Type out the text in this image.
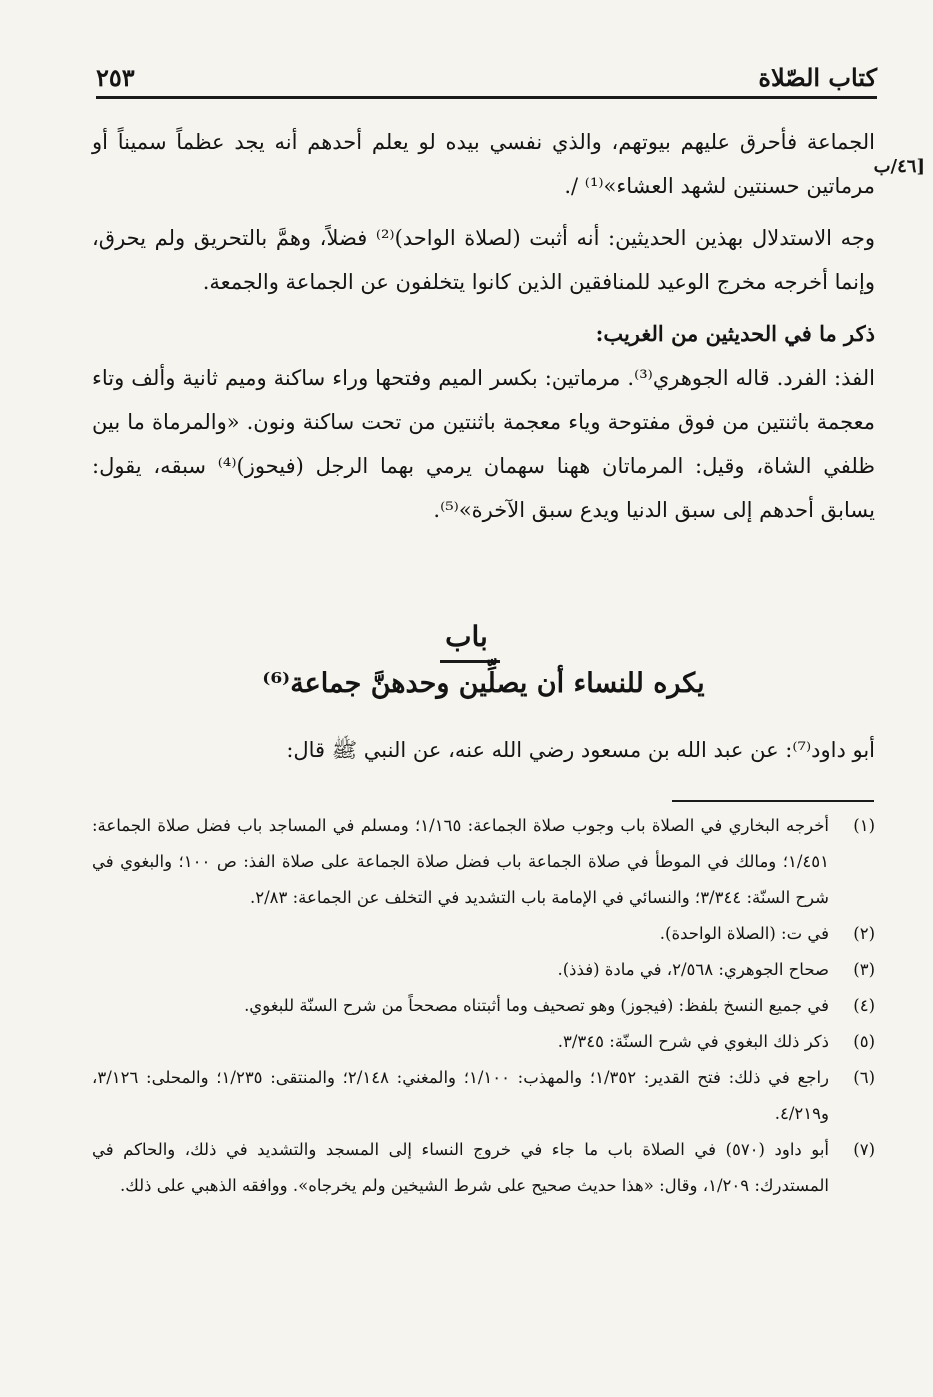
كتاب الصّلاة
٢٥٣
[٤٦/ب

الجماعة فأحرق عليهم بيوتهم، والذي نفسي بيده لو يعلم أحدهم أنه يجد عظماً سميناً أو مرماتين حسنتين لشهد العشاء»⁽¹⁾ /.

وجه الاستدلال بهذين الحديثين: أنه أثبت (لصلاة الواحد)⁽²⁾ فضلاً، وهمَّ بالتحريق ولم يحرق، وإنما أخرجه مخرج الوعيد للمنافقين الذين كانوا يتخلفون عن الجماعة والجمعة.

ذكر ما في الحديثين من الغريب:

الفذ: الفرد. قاله الجوهري⁽³⁾. مرماتين: بكسر الميم وفتحها وراء ساكنة وميم ثانية وألف وتاء معجمة باثنتين من فوق مفتوحة وياء معجمة باثنتين من تحت ساكنة ونون. «والمرماة ما بين ظلفي الشاة، وقيل: المرماتان ههنا سهمان يرمي بهما الرجل (فيحوز)⁽⁴⁾ سبقه، يقول: يسابق أحدهم إلى سبق الدنيا ويدع سبق الآخرة»⁽⁵⁾.

باب
يكره للنساء أن يصلِّين وحدهنَّ جماعة⁽⁶⁾
أبو داود⁽⁷⁾: عن عبد الله بن مسعود رضي الله عنه، عن النبي ﷺ قال:
(١)
أخرجه البخاري في الصلاة باب وجوب صلاة الجماعة: ١/١٦٥؛ ومسلم في المساجد باب فضل صلاة الجماعة: ١/٤٥١؛ ومالك في الموطأ في صلاة الجماعة باب فضل صلاة الجماعة على صلاة الفذ: ص ١٠٠؛ والبغوي في شرح السنّة: ٣/٣٤٤؛ والنسائي في الإمامة باب التشديد في التخلف عن الجماعة: ٢/٨٣.
(٢)
في ت: (الصلاة الواحدة).
(٣)
صحاح الجوهري: ٢/٥٦٨، في مادة (فذذ).
(٤)
في جميع النسخ بلفظ: (فيجوز) وهو تصحيف وما أثبتناه مصححاً من شرح السنّة للبغوي.
(٥)
ذكر ذلك البغوي في شرح السنّة: ٣/٣٤٥.
(٦)
راجع في ذلك: فتح القدير: ١/٣٥٢؛ والمهذب: ١/١٠٠؛ والمغني: ٢/١٤٨؛ والمنتقى: ١/٢٣٥؛ والمحلى: ٣/١٢٦، و٤/٢١٩.
(٧)
أبو داود (٥٧٠) في الصلاة باب ما جاء في خروج النساء إلى المسجد والتشديد في ذلك، والحاكم في المستدرك: ١/٢٠٩، وقال: «هذا حديث صحيح على شرط الشيخين ولم يخرجاه». ووافقه الذهبي على ذلك.
